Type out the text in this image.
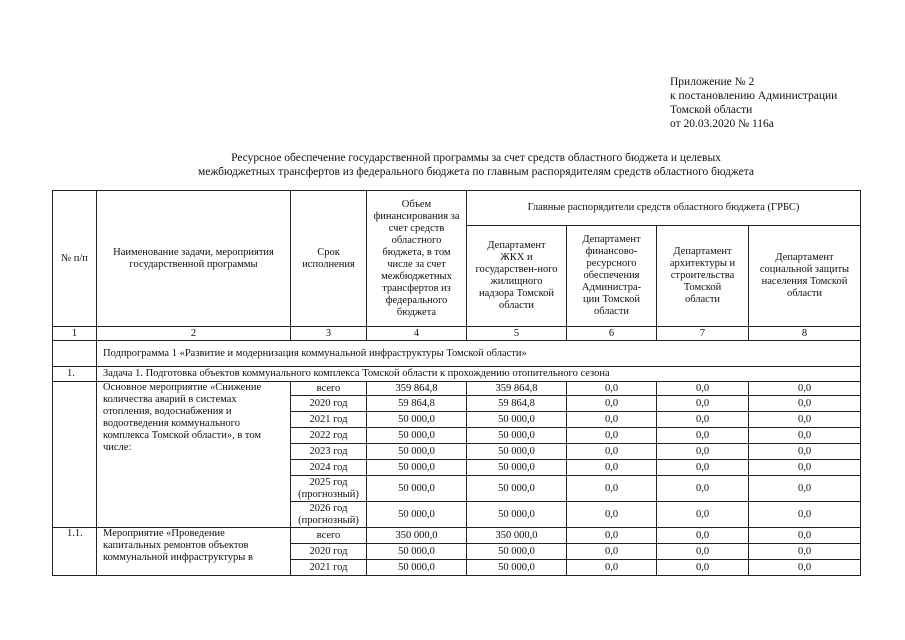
Приложение № 2
к постановлению Администрации
Томской области
от 20.03.2020 № 116а
Ресурсное обеспечение государственной программы за счет средств областного бюджета и целевых
межбюджетных трансфертов из федерального бюджета по главным распорядителям средств областного бюджета
№ п/п	Наименование задачи, мероприятия государственной программы	Срок исполнения	Объем финансирования за счет средств областного бюджета, в том числе за счет межбюджетных трансфертов из федерального бюджета	Главные распорядители средств областного бюджета (ГРБС)			
				Департамент ЖКХ и государствен-ного жилищного надзора Томской области	Департамент финансово-ресурсного обеспечения Администра-ции Томской области	Департамент архитектуры и строительства Томской области	Департамент социальной защиты населения Томской области
1	2	3	4	5	6	7	8
	Подпрограмма 1 «Развитие и модернизация коммунальной инфраструктуры Томской области»						
1.	Задача 1. Подготовка объектов коммунального комплекса Томской области к прохождению отопительного сезона						
	Основное мероприятие «Снижение количества аварий в системах отопления, водоснабжения и водоотведения коммунального комплекса Томской области», в том числе:	всего	359 864,8	359 864,8	0,0	0,0	0,0
		2020 год	59 864,8	59 864,8	0,0	0,0	0,0
		2021 год	50 000,0	50 000,0	0,0	0,0	0,0
		2022 год	50 000,0	50 000,0	0,0	0,0	0,0
		2023 год	50 000,0	50 000,0	0,0	0,0	0,0
		2024 год	50 000,0	50 000,0	0,0	0,0	0,0
		2025 год (прогнозный)	50 000,0	50 000,0	0,0	0,0	0,0
		2026 год (прогнозный)	50 000,0	50 000,0	0,0	0,0	0,0
1.1.	Мероприятие «Проведение капитальных ремонтов объектов коммунальной инфраструктуры в	всего	350 000,0	350 000,0	0,0	0,0	0,0
		2020 год	50 000,0	50 000,0	0,0	0,0	0,0
		2021 год	50 000,0	50 000,0	0,0	0,0	0,0
